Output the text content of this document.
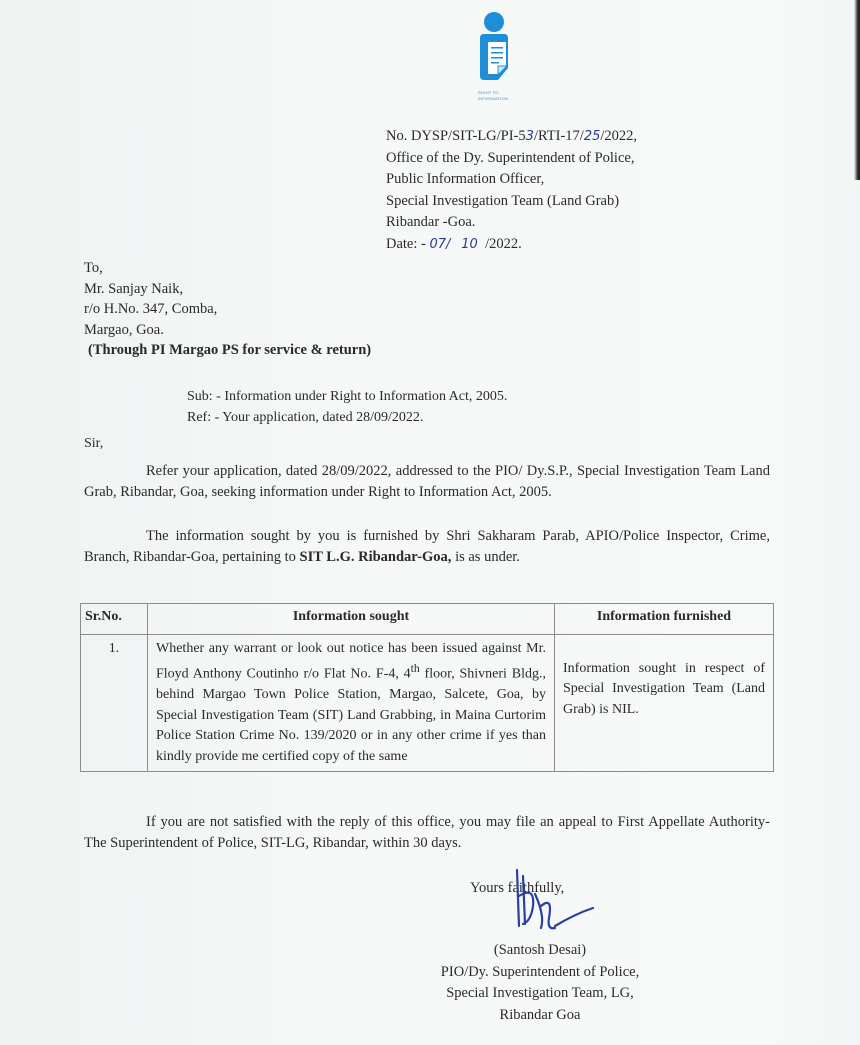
RIGHT TO
INFORMATION
No. DYSP/SIT-LG/PI-53/RTI-17/25/2022,
Office of the Dy. Superintendent of Police,
Public Information Officer,
Special Investigation Team (Land Grab)
Ribandar -Goa.
Date: - 07/ 10 /2022.
To,
Mr. Sanjay Naik,
r/o H.No. 347, Comba,
Margao, Goa.
(Through PI Margao PS for service & return)
Sub: - Information under Right to Information Act, 2005.
Ref: - Your application, dated 28/09/2022.
Sir,
Refer your application, dated 28/09/2022, addressed to the PIO/ Dy.S.P., Special Investigation Team Land Grab, Ribandar, Goa, seeking information under Right to Information Act, 2005.
The information sought by you is furnished by Shri Sakharam Parab, APIO/Police Inspector, Crime, Branch, Ribandar-Goa, pertaining to SIT L.G. Ribandar-Goa, is as under.
Sr.No.	Information sought	Information furnished
1.	Whether any warrant or look out notice has been issued against Mr. Floyd Anthony Coutinho r/o Flat No. F-4, 4th floor, Shivneri Bldg., behind Margao Town Police Station, Margao, Salcete, Goa, by Special Investigation Team (SIT) Land Grabbing, in Maina Curtorim Police Station Crime No. 139/2020 or in any other crime if yes than kindly provide me certified copy of the same	Information sought in respect of Special Investigation Team (Land Grab) is NIL.
If you are not satisfied with the reply of this office, you may file an appeal to First Appellate Authority- The Superintendent of Police, SIT-LG, Ribandar, within 30 days.
Yours faithfully,
(Santosh Desai)
PIO/Dy. Superintendent of Police,
Special Investigation Team, LG,
Ribandar Goa
